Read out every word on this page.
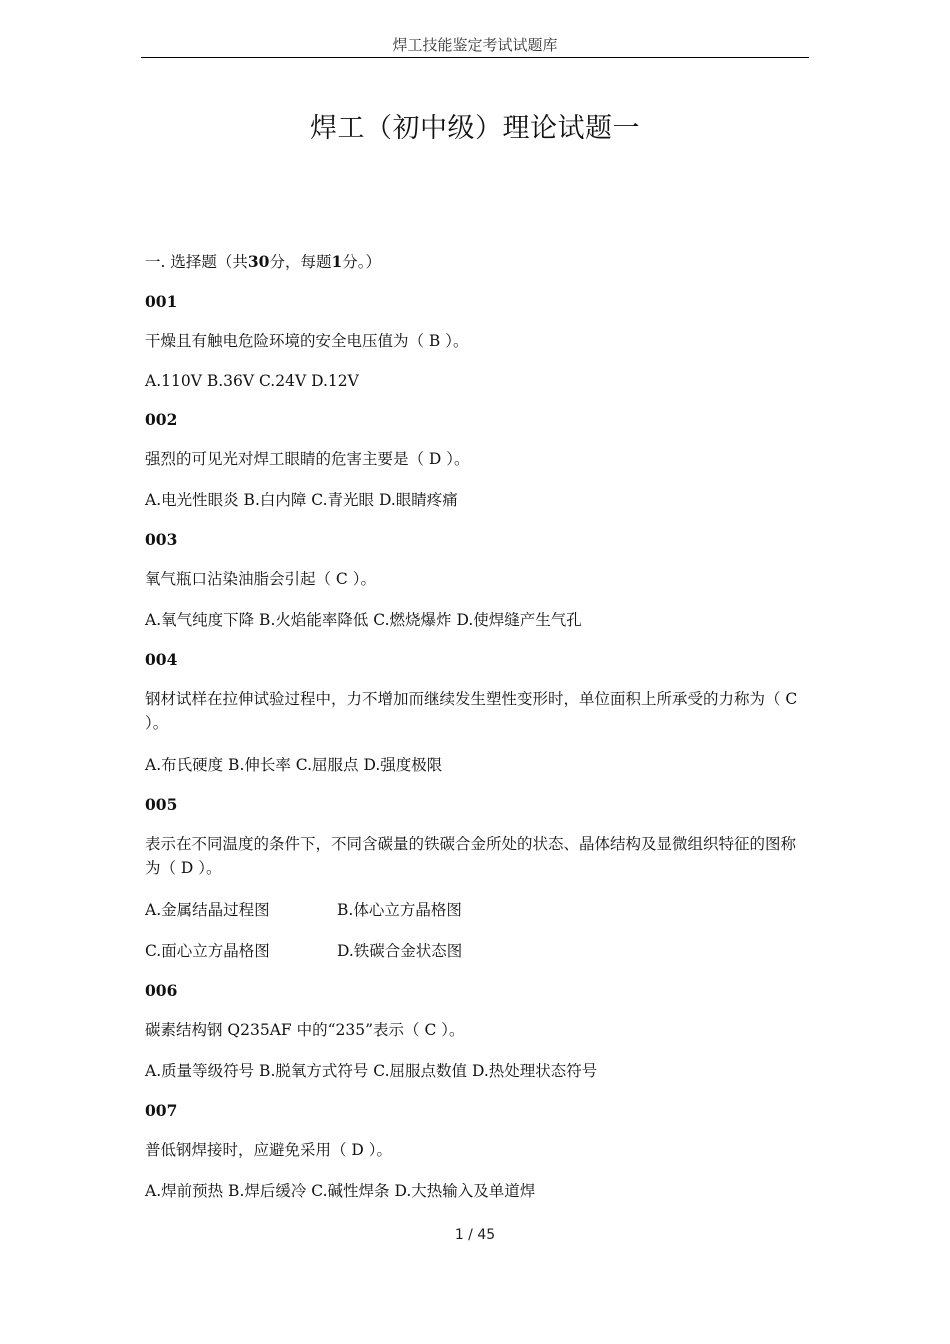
焊工技能鉴定考试试题库
焊工（初中级）理论试题一
一. 选择题（共30分，每题1分。）
001
干燥且有触电危险环境的安全电压值为（ B ）。
A.110V B.36V C.24V D.12V
002
强烈的可见光对焊工眼睛的危害主要是（ D ）。
A.电光性眼炎 B.白内障 C.青光眼 D.眼睛疼痛
003
氧气瓶口沾染油脂会引起（ C ）。
A.氧气纯度下降 B.火焰能率降低 C.燃烧爆炸 D.使焊缝产生气孔
004
钢材试样在拉伸试验过程中，力不增加而继续发生塑性变形时，单位面积上所承受的力称为（ C ）。
A.布氏硬度 B.伸长率 C.屈服点 D.强度极限
005
表示在不同温度的条件下，不同含碳量的铁碳合金所处的状态、晶体结构及显微组织特征的图称为（ D ）。
A.金属结晶过程图	B.体心立方晶格图
C.面心立方晶格图	D.铁碳合金状态图
006
碳素结构钢 Q235AF 中的“235”表示（ C ）。
A.质量等级符号 B.脱氧方式符号 C.屈服点数值 D.热处理状态符号
007
普低钢焊接时，应避免采用（ D ）。
A.焊前预热 B.焊后缓冷 C.碱性焊条 D.大热输入及单道焊
1 / 45
